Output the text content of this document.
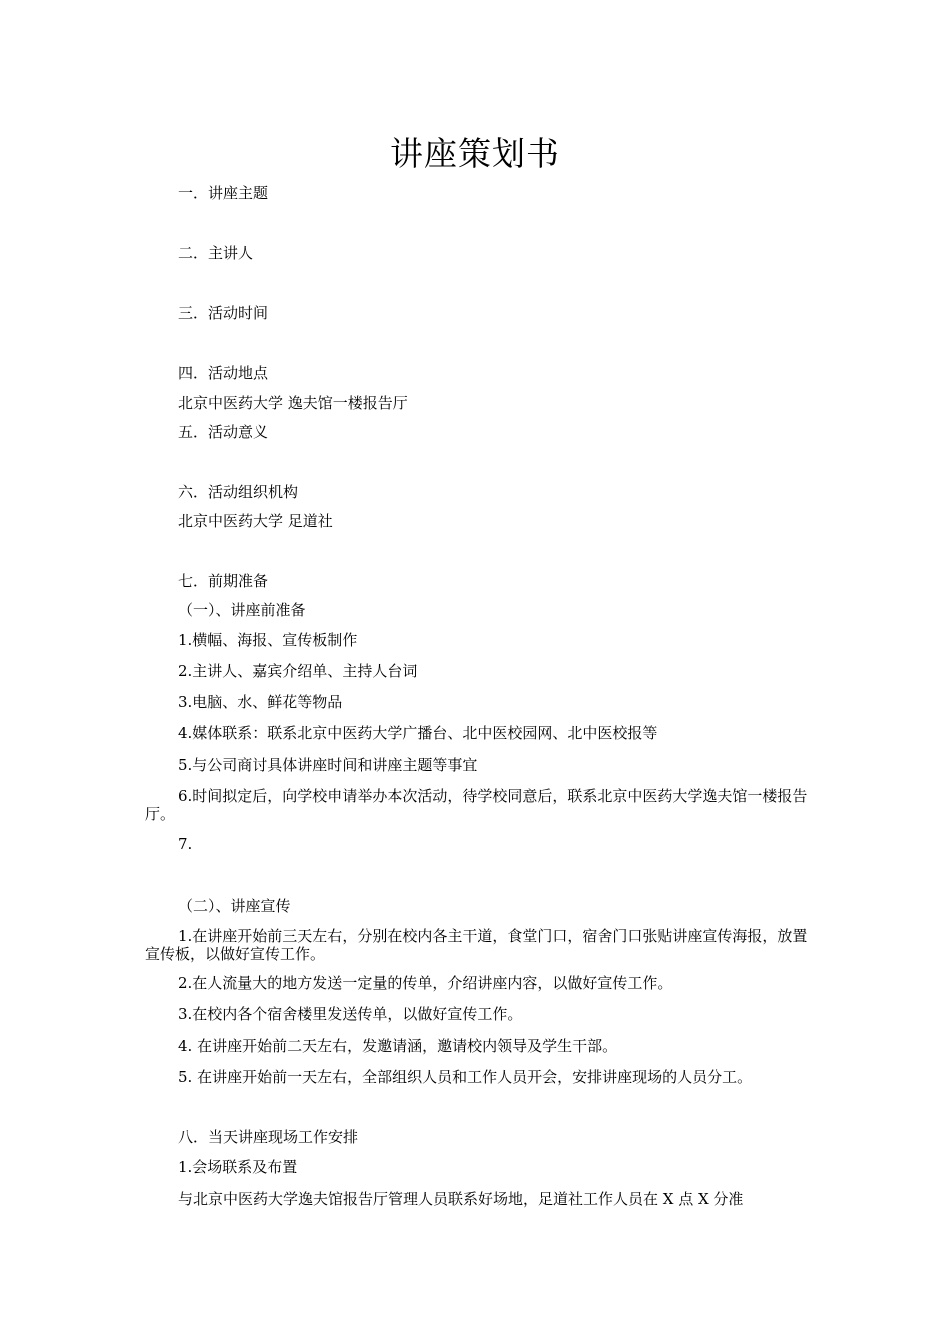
讲座策划书
一．讲座主题
二．主讲人
三．活动时间
四．活动地点
北京中医药大学 逸夫馆一楼报告厅
五．活动意义
六．活动组织机构
北京中医药大学 足道社
七．前期准备
（一）、讲座前准备
1.横幅、海报、宣传板制作
2.主讲人、嘉宾介绍单、主持人台词
3.电脑、水、鲜花等物品
4.媒体联系：联系北京中医药大学广播台、北中医校园网、北中医校报等
5.与公司商讨具体讲座时间和讲座主题等事宜
6.时间拟定后，向学校申请举办本次活动，待学校同意后，联系北京中医药大学逸夫馆一楼报告厅。
7.
（二）、讲座宣传
1.在讲座开始前三天左右，分别在校内各主干道，食堂门口，宿舍门口张贴讲座宣传海报，放置宣传板，以做好宣传工作。
2.在人流量大的地方发送一定量的传单，介绍讲座内容，以做好宣传工作。
3.在校内各个宿舍楼里发送传单，以做好宣传工作。
4. 在讲座开始前二天左右，发邀请涵，邀请校内领导及学生干部。
5. 在讲座开始前一天左右，全部组织人员和工作人员开会，安排讲座现场的人员分工。
八．当天讲座现场工作安排
1.会场联系及布置
与北京中医药大学逸夫馆报告厅管理人员联系好场地，足道社工作人员在 X 点 X 分准
